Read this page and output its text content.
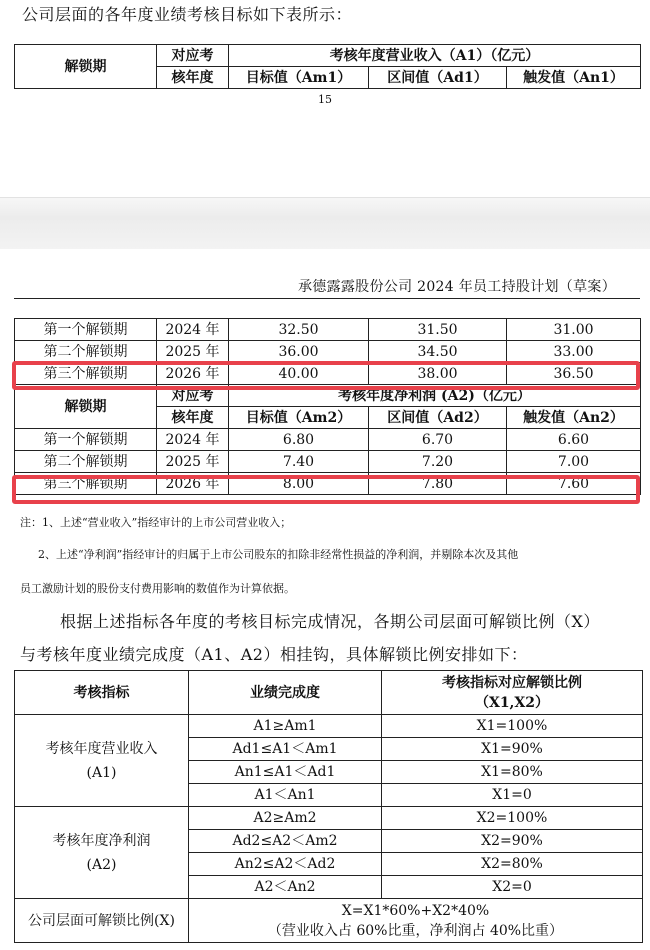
公司层面的各年度业绩考核目标如下表所示：
解锁期	对应考	考核年度营业收入（A1）（亿元）		
	核年度	目标值（Am1）	区间值（Ad1）	触发值（An1）
15
承德露露股份公司 2024 年员工持股计划（草案）
第一个解锁期	2024 年	32.50	31.50	31.00
第二个解锁期	2025 年	36.00	34.50	33.00
第三个解锁期	2026 年	40.00	38.00	36.50
解锁期	对应考	考核年度净利润 (A2)（亿元）		
	核年度	目标值（Am2）	区间值（Ad2）	触发值（An2）
第一个解锁期	2024 年	6.80	6.70	6.60
第二个解锁期	2025 年	7.40	7.20	7.00
第三个解锁期	2026 年	8.00	7.80	7.60
注：1、上述“营业收入”指经审计的上市公司营业收入；
2、上述“净利润”指经审计的归属于上市公司股东的扣除非经常性损益的净利润，并剔除本次及其他
员工激励计划的股份支付费用影响的数值作为计算依据。
根据上述指标各年度的考核目标完成情况，各期公司层面可解锁比例（X）
与考核年度业绩完成度（A1、A2）相挂钩，具体解锁比例安排如下：
考核指标	业绩完成度	考核指标对应解锁比例
（X1,X2）

考核年度营业收入
(A1)	A1≥Am1	X1=100%
	Ad1≤A1＜Am1	X1=90%
	An1≤A1＜Ad1	X1=80%
	A1＜An1	X1=0

考核年度净利润
(A2)	A2≥Am2	X2=100%
	Ad2≤A2＜Am2	X2=90%
	An2≤A2＜Ad2	X2=80%
	A2＜An2	X2=0
公司层面可解锁比例(X)	X=X1*60%+X2*40%
（营业收入占 60%比重，净利润占 40%比重）	
